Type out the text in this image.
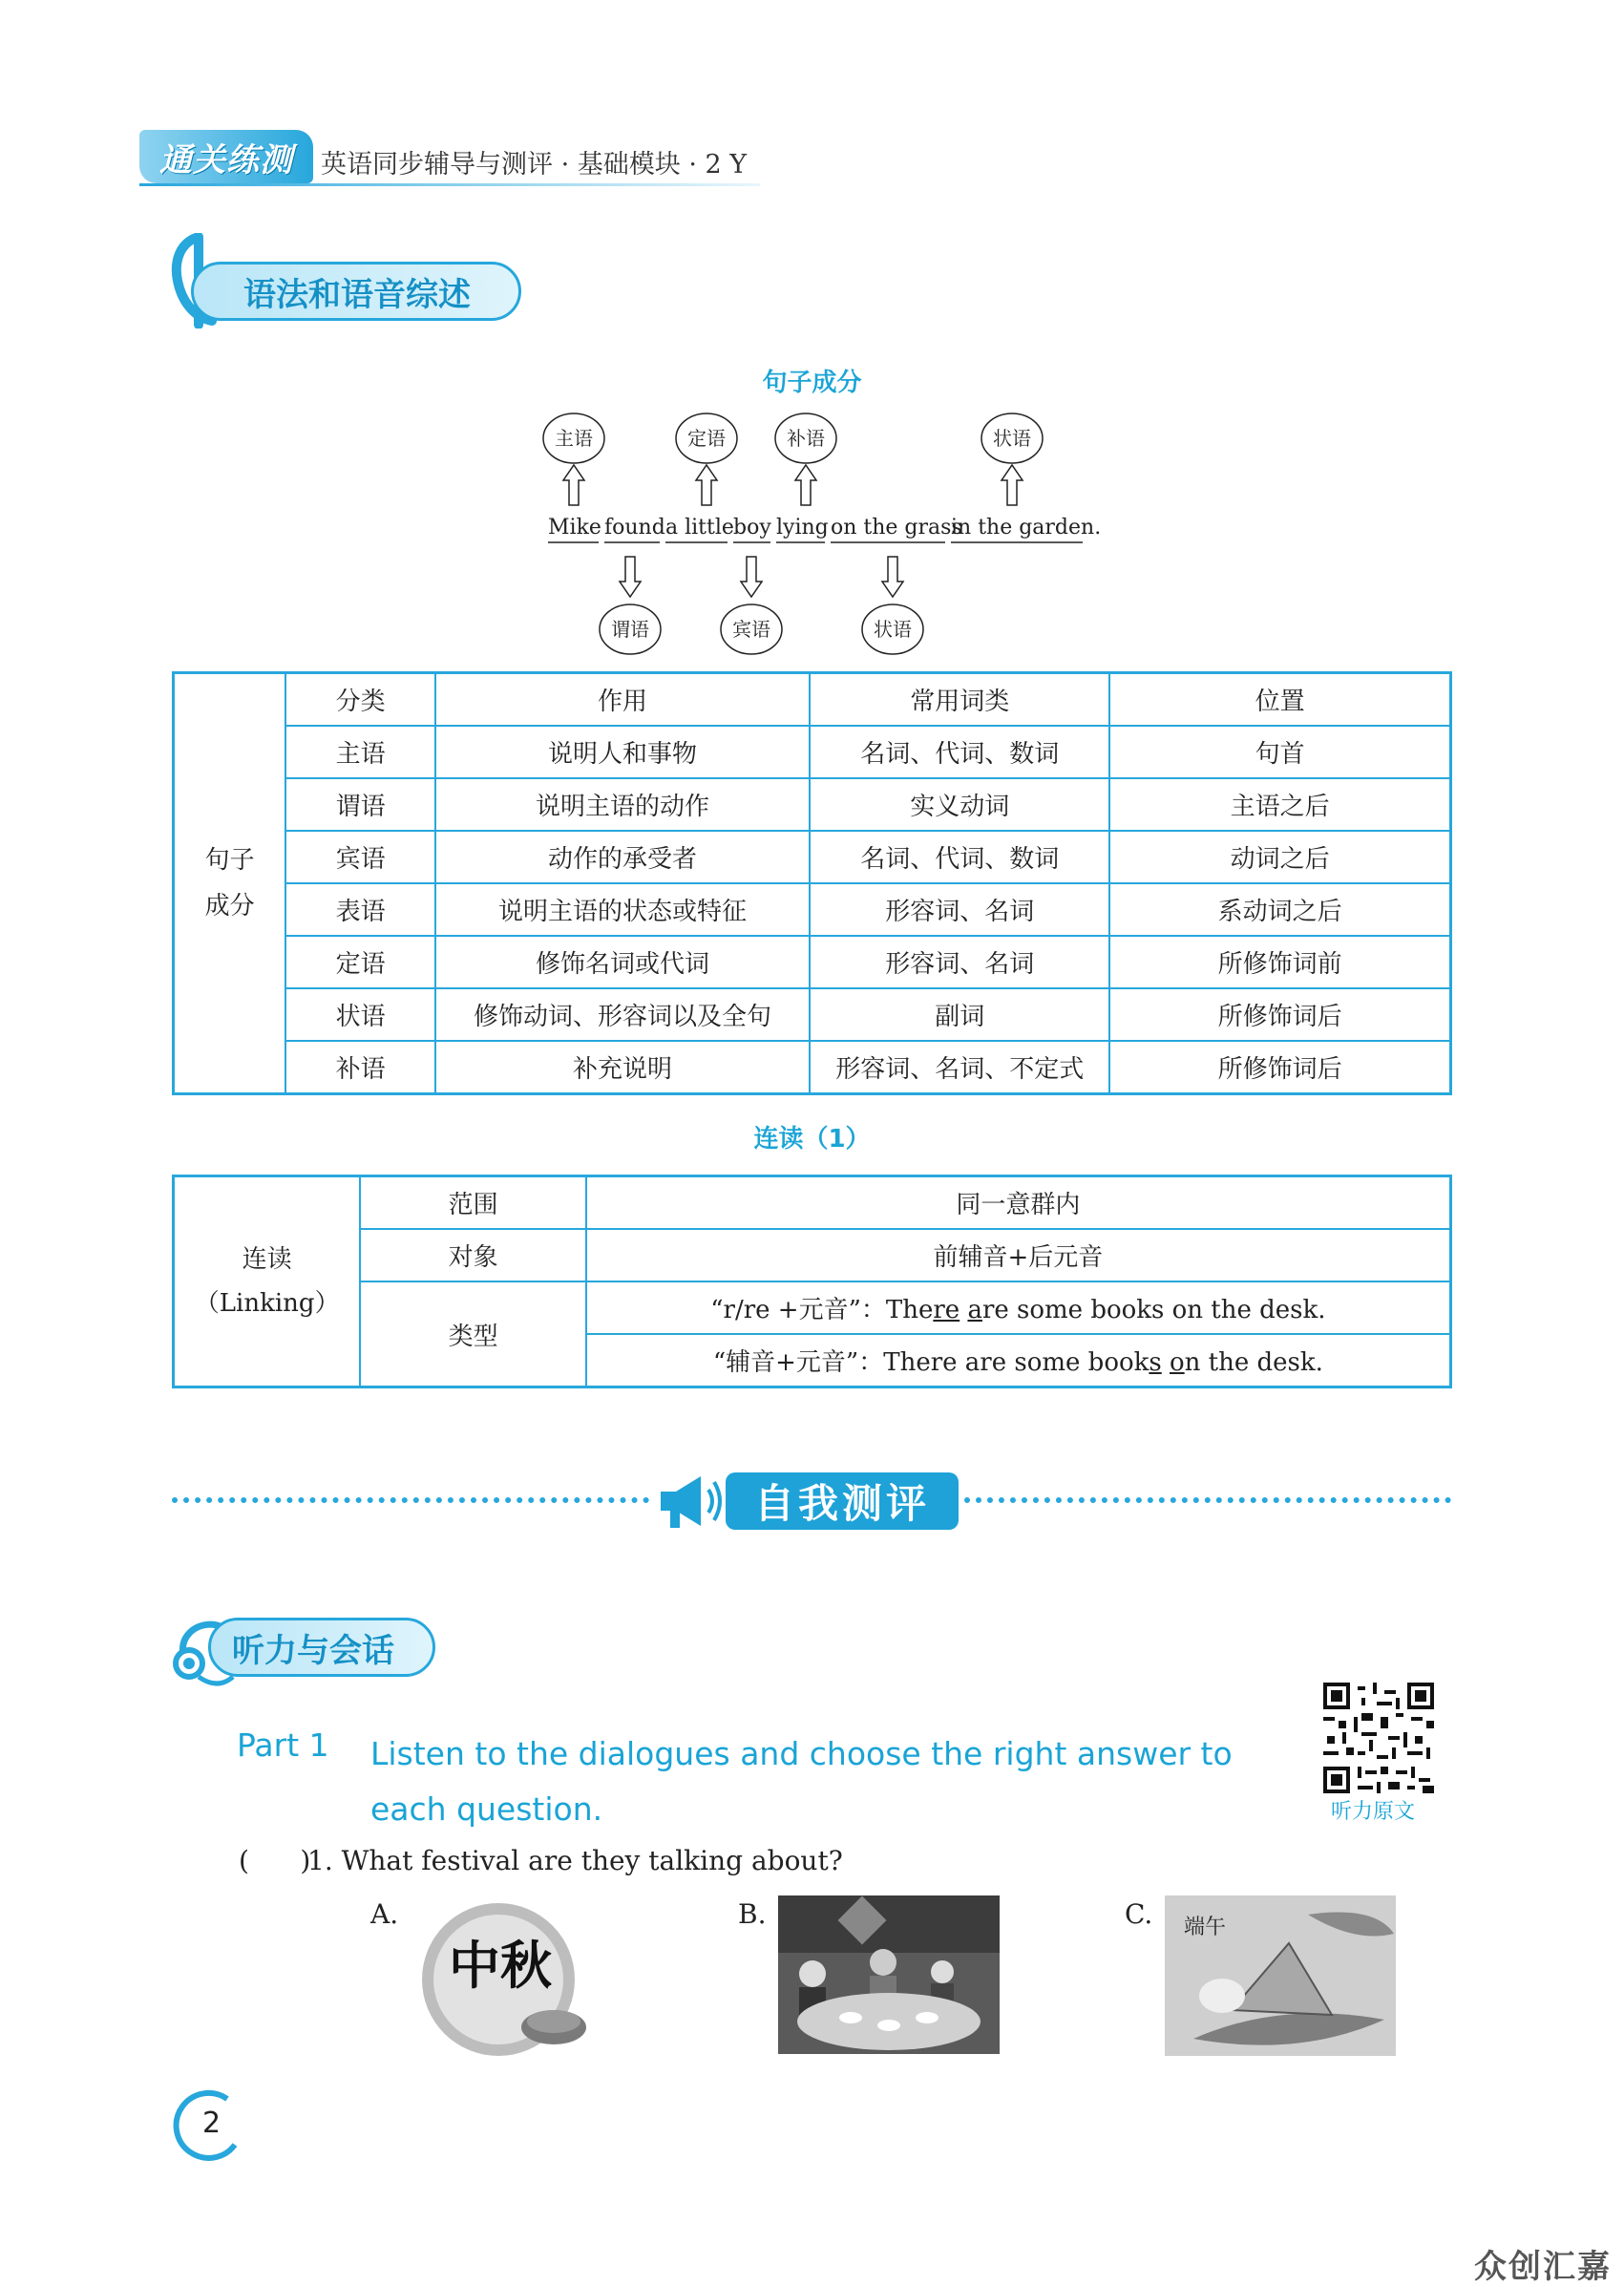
通关练测	英语同步辅导与测评 · 基础模块 · 2 Y
语法和语音综述
句子成分
主语	定语	补语	状语
Mike found a little boy lying on the grass
in the garden.
谓语	宾语	状语
句子成分	分类	作用	常用词类	位置
	主语	说明人和事物	名词、代词、数词	句首
	谓语	说明主语的动作	实义动词	主语之后
	宾语	动作的承受者	名词、代词、数词	动词之后
	表语	说明主语的状态或特征	形容词、名词	系动词之后
	定语	修饰名词或代词	形容词、名词	所修饰词前
	状语	修饰动词、形容词以及全句	副词	所修饰词后
	补语	补充说明	形容词、名词、不定式	所修饰词后
连读（1）
连读
（Linking）	范围	同一意群内
	对象	前辅音+后元音
	类型	“r/re +元音”：There are some books on the desk.
		“辅音+元音”：There are some books on the desk.
自我测评
听力与会话
Part 1 Listen to the dialogues and choose the right answer to each question.	听力原文
(      )1. What festival are they talking about?
A.
中秋
B.	C. 端午
2
众创汇嘉
